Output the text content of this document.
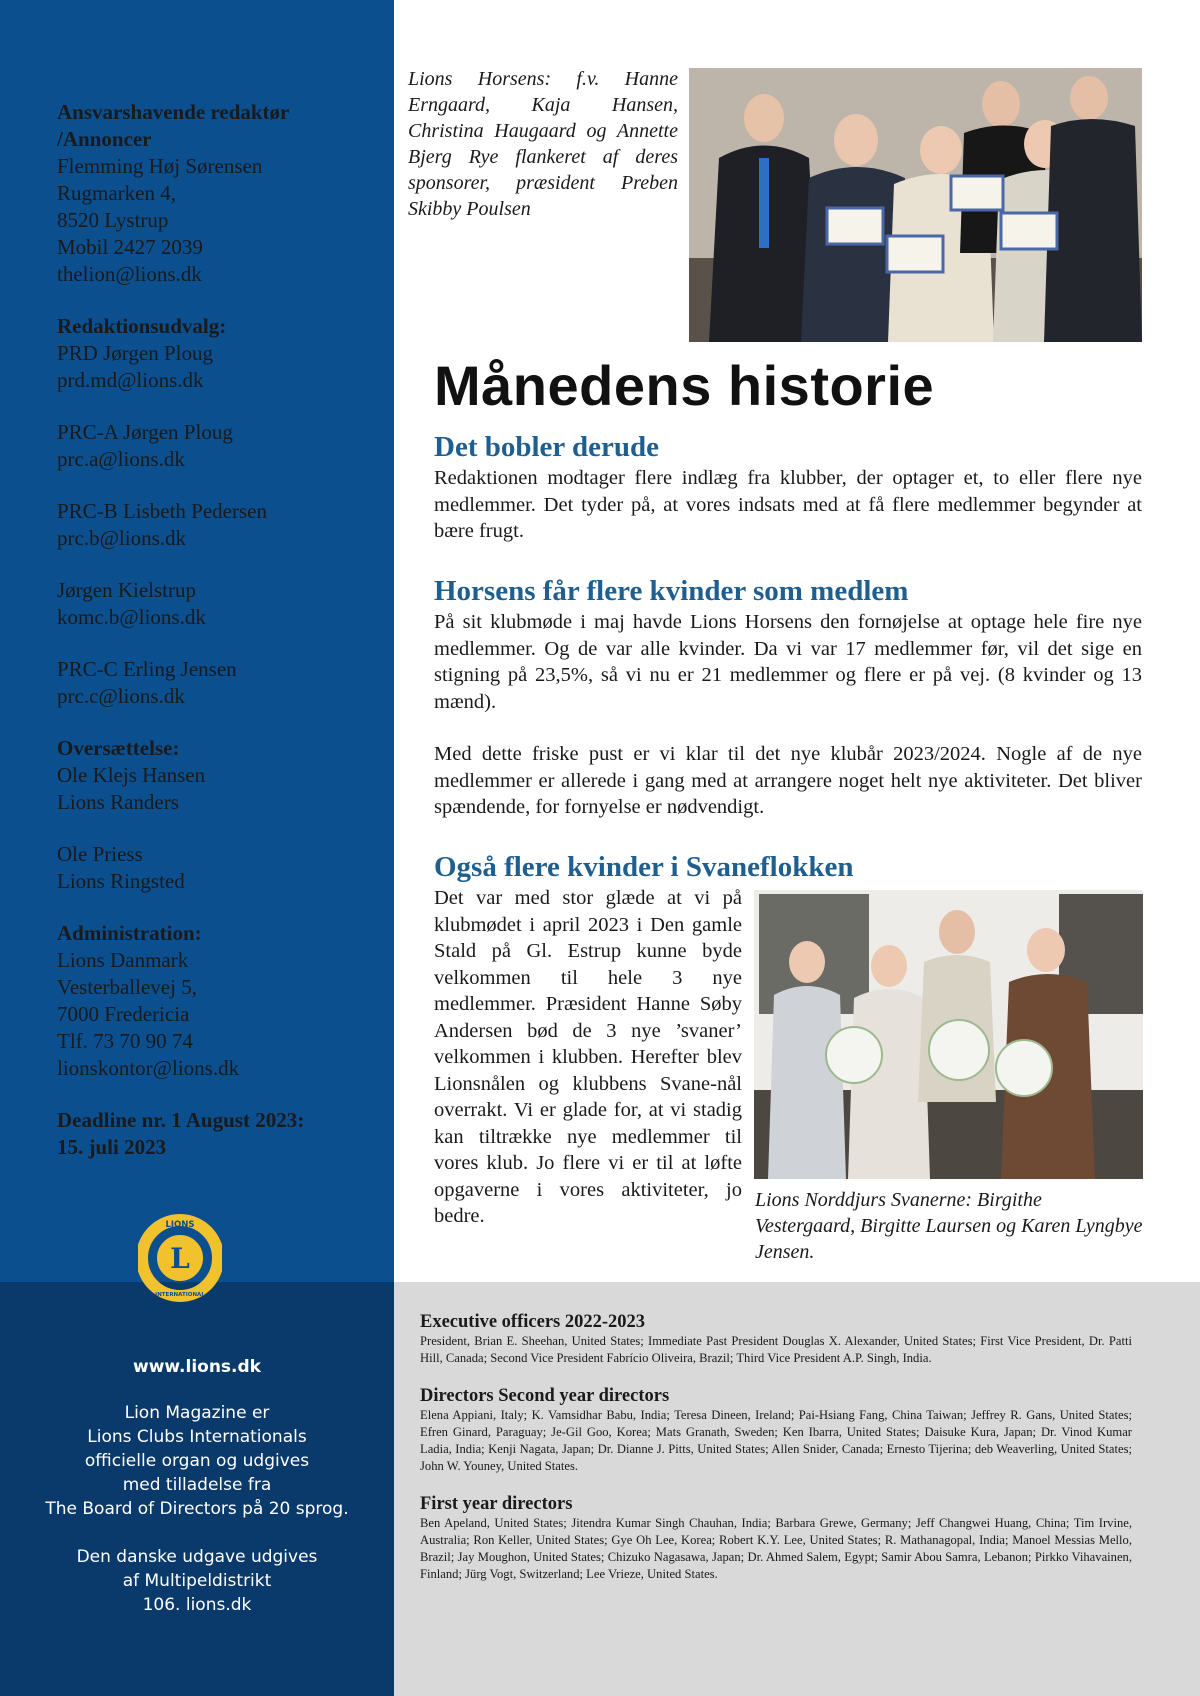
Ansvarshavende redaktør
/Annoncer
Flemming Høj Sørensen
Rugmarken 4,
8520 Lystrup
Mobil 2427 2039
thelion@lions.dk
Redaktionsudvalg:
PRD Jørgen Ploug
prd.md@lions.dk
PRC-A Jørgen Ploug
prc.a@lions.dk
PRC-B Lisbeth Pedersen
prc.b@lions.dk
Jørgen Kielstrup
komc.b@lions.dk
PRC-C Erling Jensen
prc.c@lions.dk
Oversættelse:
Ole Klejs Hansen
Lions Randers
Ole Priess
Lions Ringsted
Administration:
Lions Danmark
Vesterballevej 5,
7000 Fredericia
Tlf. 73 70 90 74
lionskontor@lions.dk
Deadline nr. 1 August 2023:
15. juli 2023
L
LIONS
INTERNATIONAL
www.lions.dk
Lion Magazine er
Lions Clubs Internationals
officielle organ og udgives
med tilladelse fra
The Board of Directors på 20 sprog.
Den danske udgave udgives
af Multipeldistrikt
106. lions.dk
Lions Horsens: f.v. Hanne Erngaard, Kaja Hansen, Christina Haugaard og Annette Bjerg Rye flankeret af deres sponsorer, præsident Preben Skibby Poulsen
Månedens historie
Det bobler derude
Redaktionen modtager flere indlæg fra klubber, der optager et, to eller flere nye medlemmer. Det tyder på, at vores indsats med at få flere medlemmer begynder at bære frugt.
Horsens får flere kvinder som medlem
På sit klubmøde i maj havde Lions Horsens den fornøjelse at optage hele fire nye medlemmer. Og de var alle kvinder. Da vi var 17 medlemmer før, vil det sige en stigning på 23,5%, så vi nu er 21 medlemmer og flere er på vej. (8 kvinder og 13 mænd).
Med dette friske pust er vi klar til det nye klubår 2023/2024. Nogle af de nye medlemmer er allerede i gang med at arrangere noget helt nye aktiviteter. Det bliver spændende, for fornyelse er nødvendigt.
Også flere kvinder i Svaneflokken
Det var med stor glæde at vi på klubmødet i april 2023 i Den gamle Stald på Gl. Estrup kunne byde velkommen til hele 3 nye medlemmer. Præsident Hanne Søby Andersen bød de 3 nye ’svaner’ velkommen i klubben. Herefter blev Lionsnålen og klubbens Svane-nål overrakt. Vi er glade for, at vi stadig kan tiltrække nye medlemmer til vores klub. Jo flere vi er til at løfte opgaverne i vores aktiviteter, jo bedre.
Lions Norddjurs Svanerne: Birgithe Vestergaard, Birgitte Laursen og Karen Lyngbye Jensen.
Executive officers 2022-2023
President, Brian E. Sheehan, United States; Immediate Past President Douglas X. Alexander, United States; First Vice President, Dr. Patti Hill, Canada; Second Vice President Fabrício Oliveira, Brazil; Third Vice President A.P. Singh, India.
Directors Second year directors
Elena Appiani, Italy; K. Vamsidhar Babu, India; Teresa Dineen, Ireland; Pai-Hsiang Fang, China Taiwan; Jeffrey R. Gans, United States; Efren Ginard, Paraguay; Je-Gil Goo, Korea; Mats Granath, Sweden; Ken Ibarra, United States; Daisuke Kura, Japan; Dr. Vinod Kumar Ladia, India; Kenji Nagata, Japan; Dr. Dianne J. Pitts, United States; Allen Snider, Canada; Ernesto Tijerina; deb Weaverling, United States; John W. Youney, United States.
First year directors
Ben Apeland, United States; Jitendra Kumar Singh Chauhan, India; Barbara Grewe, Germany; Jeff Changwei Huang, China; Tim Irvine, Australia; Ron Keller, United States; Gye Oh Lee, Korea; Robert K.Y. Lee, United States; R. Mathanagopal, India; Manoel Messias Mello, Brazil; Jay Moughon, United States; Chizuko Nagasawa, Japan; Dr. Ahmed Salem, Egypt; Samir Abou Samra, Lebanon; Pirkko Vihavainen, Finland; Jürg Vogt, Switzerland; Lee Vrieze, United States.
